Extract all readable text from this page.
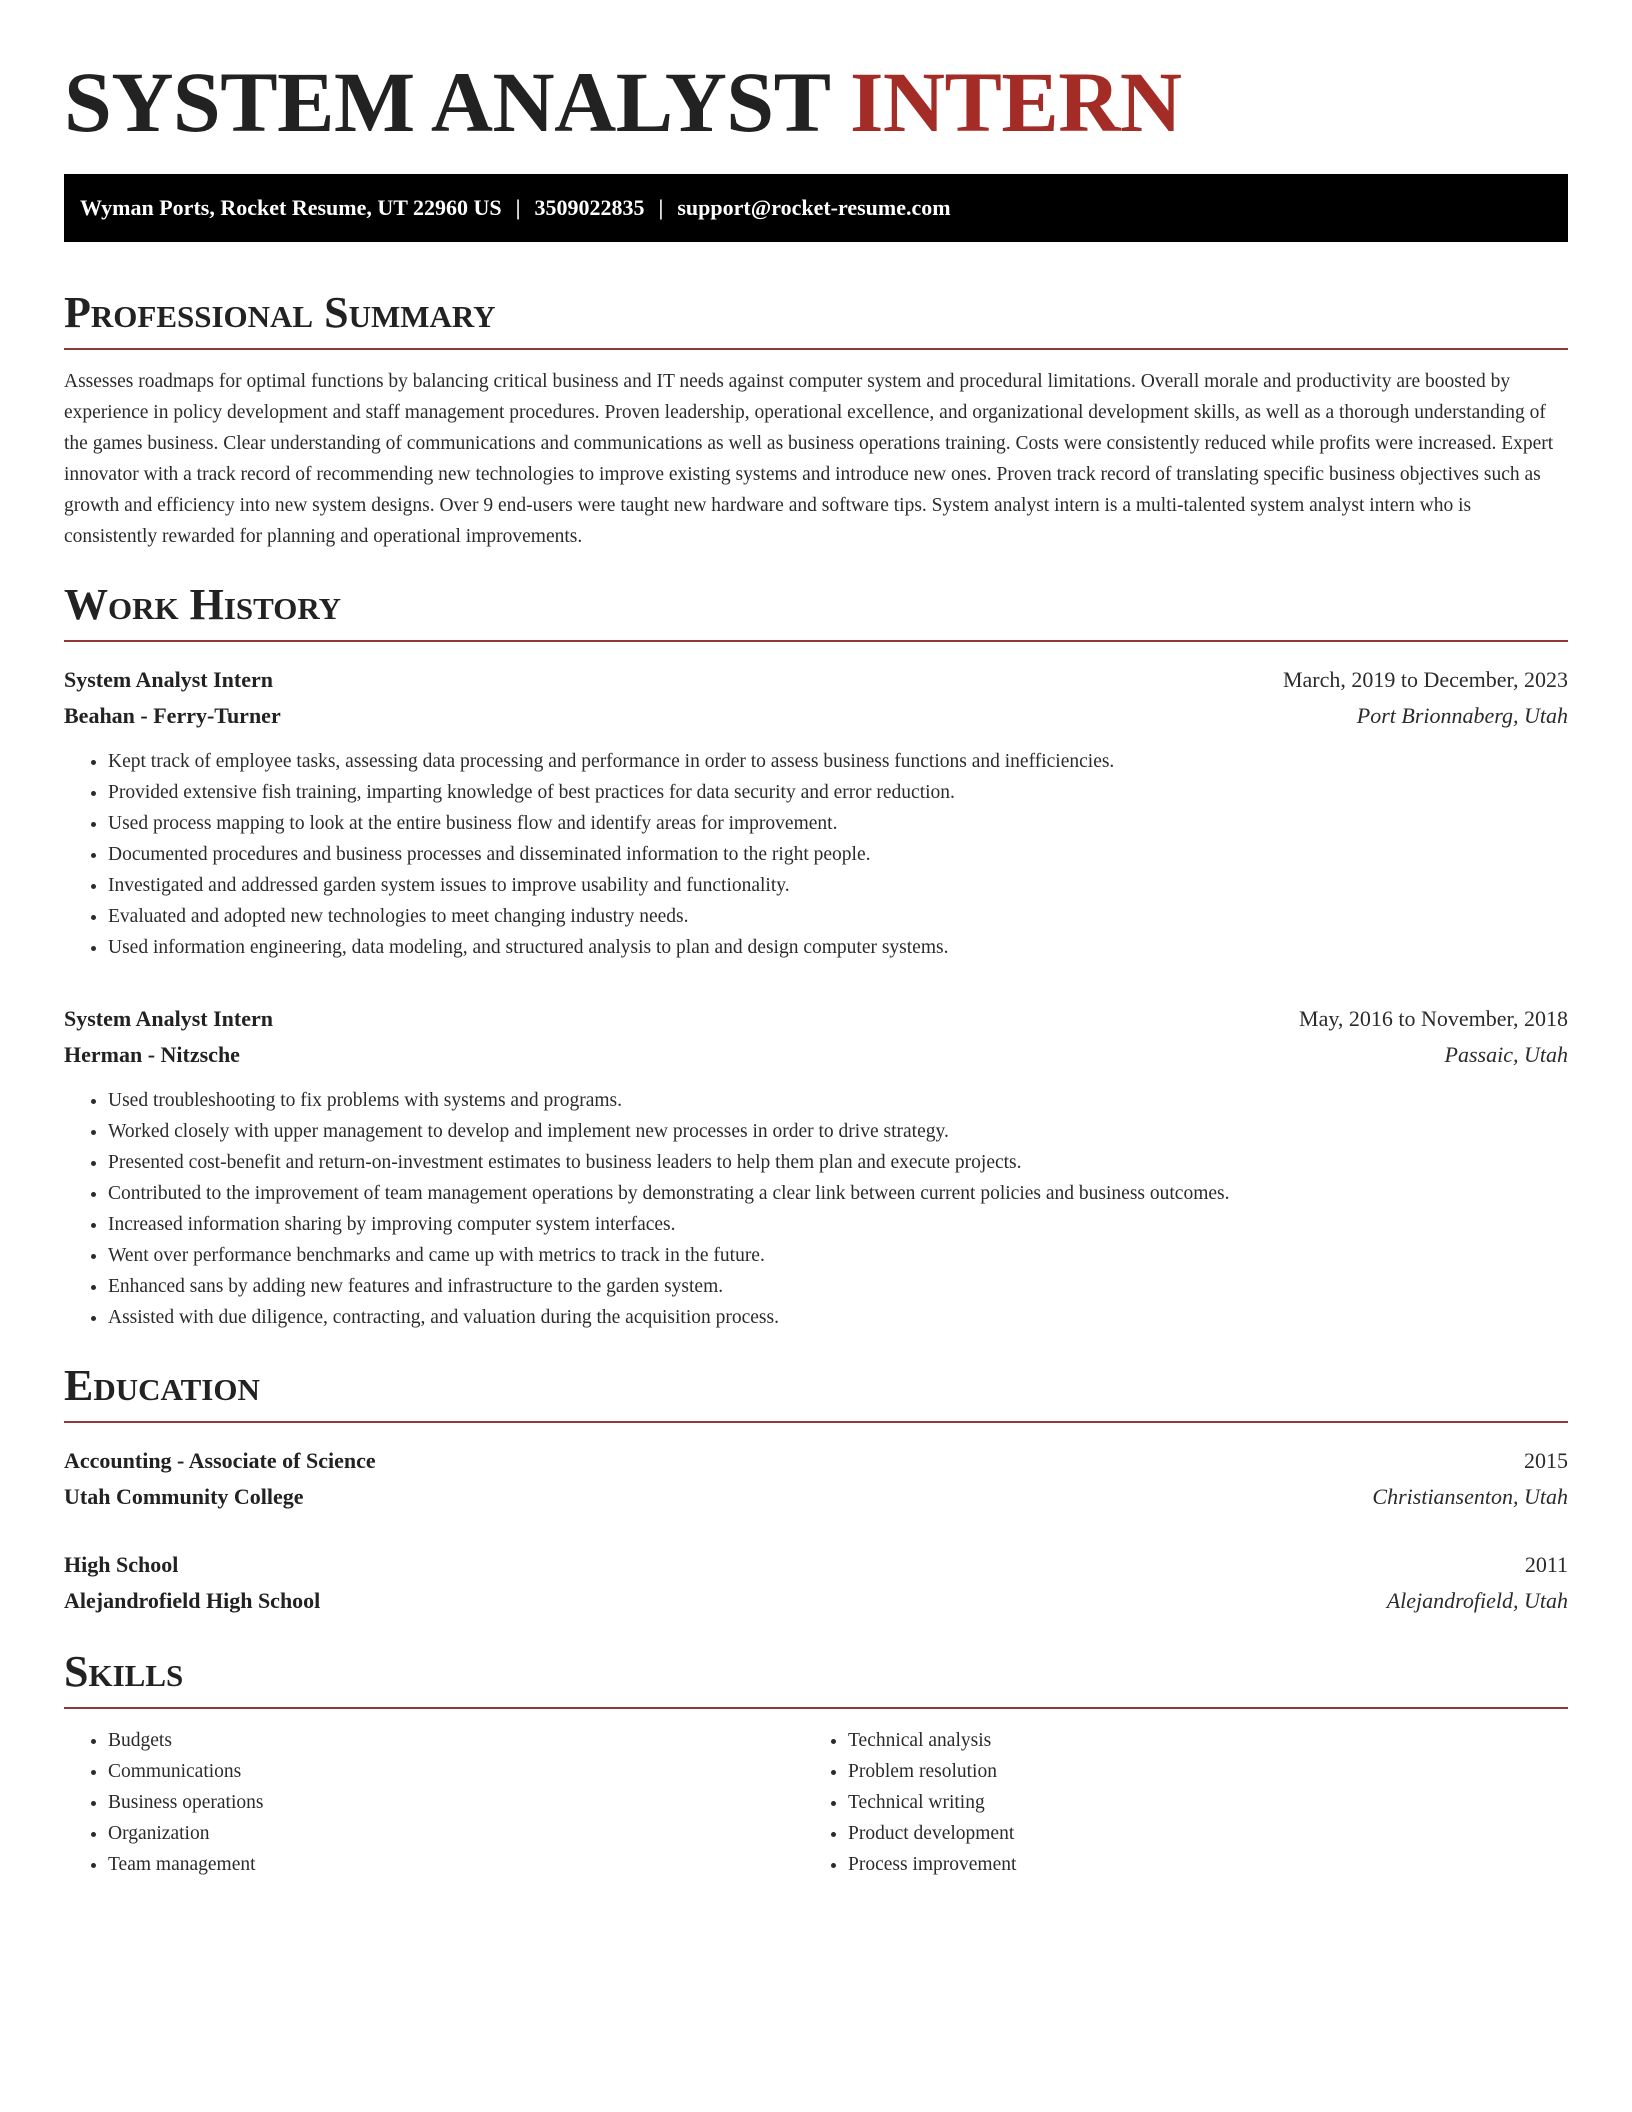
SYSTEM ANALYST INTERN
Wyman Ports, Rocket Resume, UT 22960 US | 3509022835 | support@rocket-resume.com
Professional Summary

Assesses roadmaps for optimal functions by balancing critical business and IT needs against computer system and procedural limitations. Overall morale and productivity are boosted by experience in policy development and staff management procedures. Proven leadership, operational excellence, and organizational development skills, as well as a thorough understanding of the games business. Clear understanding of communications and communications as well as business operations training. Costs were consistently reduced while profits were increased. Expert innovator with a track record of recommending new technologies to improve existing systems and introduce new ones. Proven track record of translating specific business objectives such as growth and efficiency into new system designs. Over 9 end-users were taught new hardware and software tips. System analyst intern is a multi-talented system analyst intern who is consistently rewarded for planning and operational improvements.

Work History
System Analyst Intern	March, 2019 to December, 2023
Beahan - Ferry-Turner	Port Brionnaberg, Utah
• Kept track of employee tasks, assessing data processing and performance in order to assess business functions and inefficiencies.
• Provided extensive fish training, imparting knowledge of best practices for data security and error reduction.
• Used process mapping to look at the entire business flow and identify areas for improvement.
• Documented procedures and business processes and disseminated information to the right people.
• Investigated and addressed garden system issues to improve usability and functionality.
• Evaluated and adopted new technologies to meet changing industry needs.
• Used information engineering, data modeling, and structured analysis to plan and design computer systems.
System Analyst Intern	May, 2016 to November, 2018
Herman - Nitzsche	Passaic, Utah
• Used troubleshooting to fix problems with systems and programs.
• Worked closely with upper management to develop and implement new processes in order to drive strategy.
• Presented cost-benefit and return-on-investment estimates to business leaders to help them plan and execute projects.
• Contributed to the improvement of team management operations by demonstrating a clear link between current policies and business outcomes.
• Increased information sharing by improving computer system interfaces.
• Went over performance benchmarks and came up with metrics to track in the future.
• Enhanced sans by adding new features and infrastructure to the garden system.
• Assisted with due diligence, contracting, and valuation during the acquisition process.
Education
Accounting - Associate of Science	2015
Utah Community College	Christiansenton, Utah
High School	2011
Alejandrofield High School	Alejandrofield, Utah
Skills
• Budgets
• Communications
• Business operations
• Organization
• Team management
• Technical analysis
• Problem resolution
• Technical writing
• Product development
• Process improvement
